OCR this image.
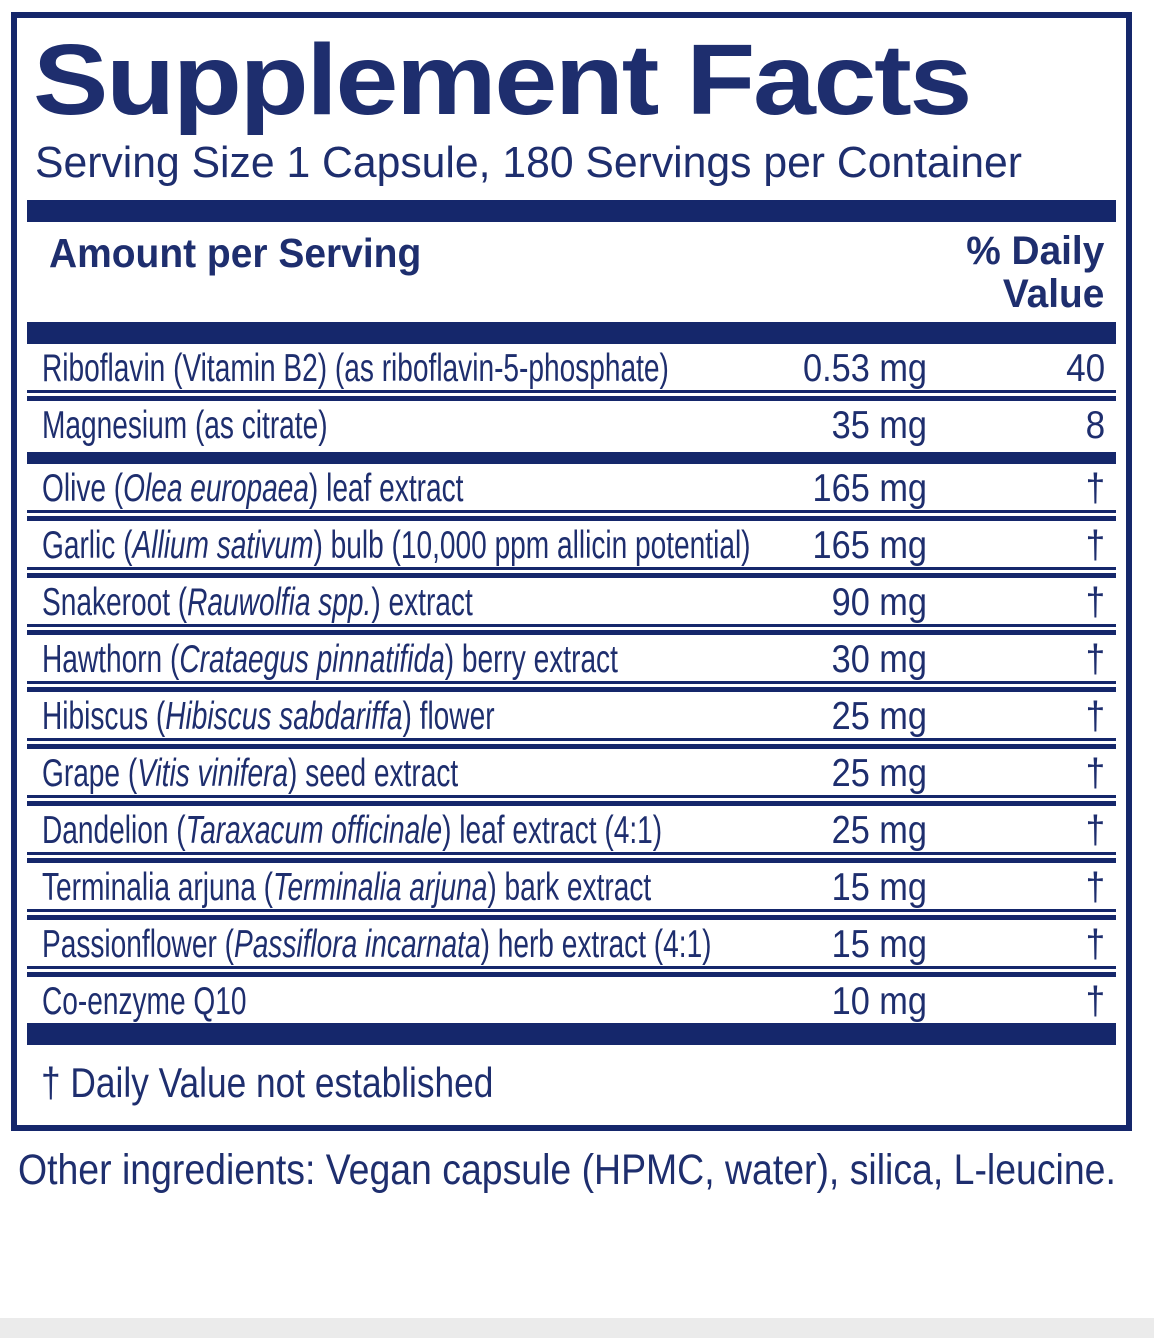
Supplement Facts
Serving Size 1 Capsule, 180 Servings per Container
Amount per Serving	% Daily
Value
Riboflavin (Vitamin B2) (as riboflavin-5-phosphate)	0.53 mg	40
Magnesium (as citrate)	35 mg	8
Olive (Olea europaea) leaf extract	165 mg	†
Garlic (Allium sativum) bulb (10,000 ppm allicin potential)	165 mg	†
Snakeroot (Rauwolfia spp.) extract	90 mg	†
Hawthorn (Crataegus pinnatifida) berry extract	30 mg	†
Hibiscus (Hibiscus sabdariffa) flower	25 mg	†
Grape (Vitis vinifera) seed extract	25 mg	†
Dandelion (Taraxacum officinale) leaf extract (4:1)	25 mg	†
Terminalia arjuna (Terminalia arjuna) bark extract	15 mg	†
Passionflower (Passiflora incarnata) herb extract (4:1)	15 mg	†
Co-enzyme Q10	10 mg	†
† Daily Value not established
Other ingredients: Vegan capsule (HPMC, water), silica, L-leucine.
